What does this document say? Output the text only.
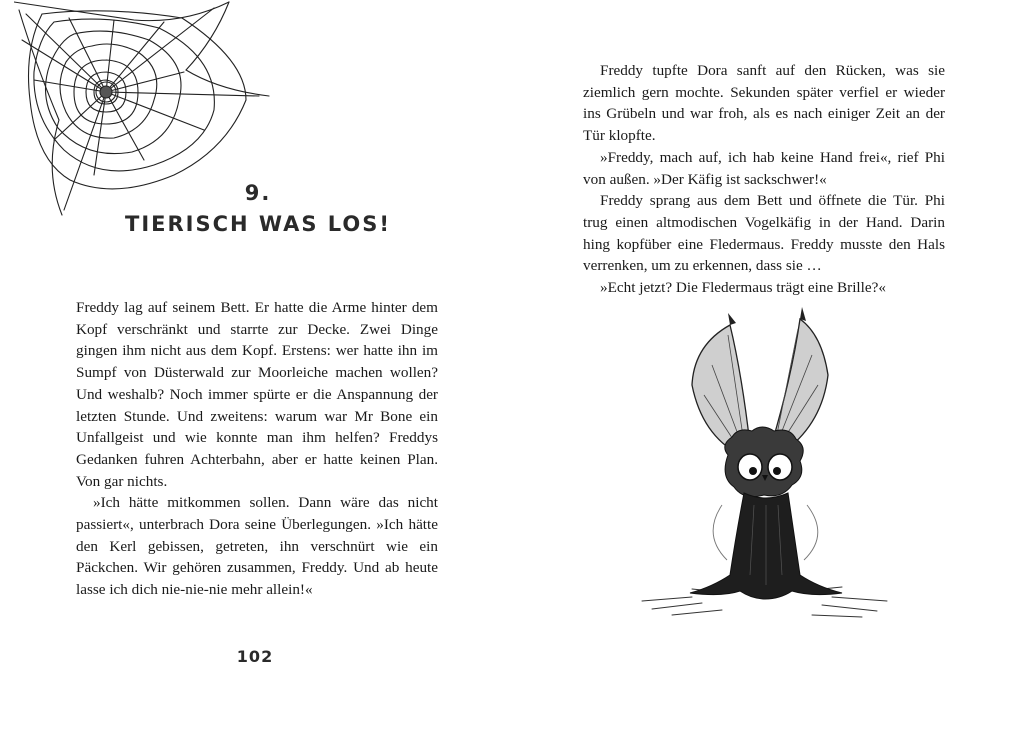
9.
TIERISCH WAS LOS!

Freddy lag auf seinem Bett. Er hatte die Arme hinter dem Kopf verschränkt und starrte zur Decke. Zwei Dinge gingen ihm nicht aus dem Kopf. Erstens: wer hatte ihn im Sumpf von Düsterwald zur Moorleiche machen wollen? Und weshalb? Noch immer spürte er die Anspannung der letzten Stunde. Und zweitens: warum war Mr Bone ein Unfallgeist und wie konnte man ihm helfen? Freddys Gedanken fuhren Achterbahn, aber er hatte keinen Plan. Von gar nichts.

»Ich hätte mitkommen sollen. Dann wäre das nicht passiert«, unterbrach Dora seine Überlegungen. »Ich hätte den Kerl gebissen, getreten, ihn verschnürt wie ein Päckchen. Wir gehören zusammen, Freddy. Und ab heute lasse ich dich nie-nie-nie mehr allein!«

102

Freddy tupfte Dora sanft auf den Rücken, was sie ziemlich gern mochte. Sekunden später verfiel er wieder ins Grübeln und war froh, als es nach einiger Zeit an der Tür klopfte.

»Freddy, mach auf, ich hab keine Hand frei«, rief Phi von außen. »Der Käfig ist sackschwer!«

Freddy sprang aus dem Bett und öffnete die Tür. Phi trug einen altmodischen Vogelkäfig in der Hand. Darin hing kopfüber eine Fledermaus. Freddy musste den Hals verrenken, um zu erkennen, dass sie …

»Echt jetzt? Die Fledermaus trägt eine Brille?«
